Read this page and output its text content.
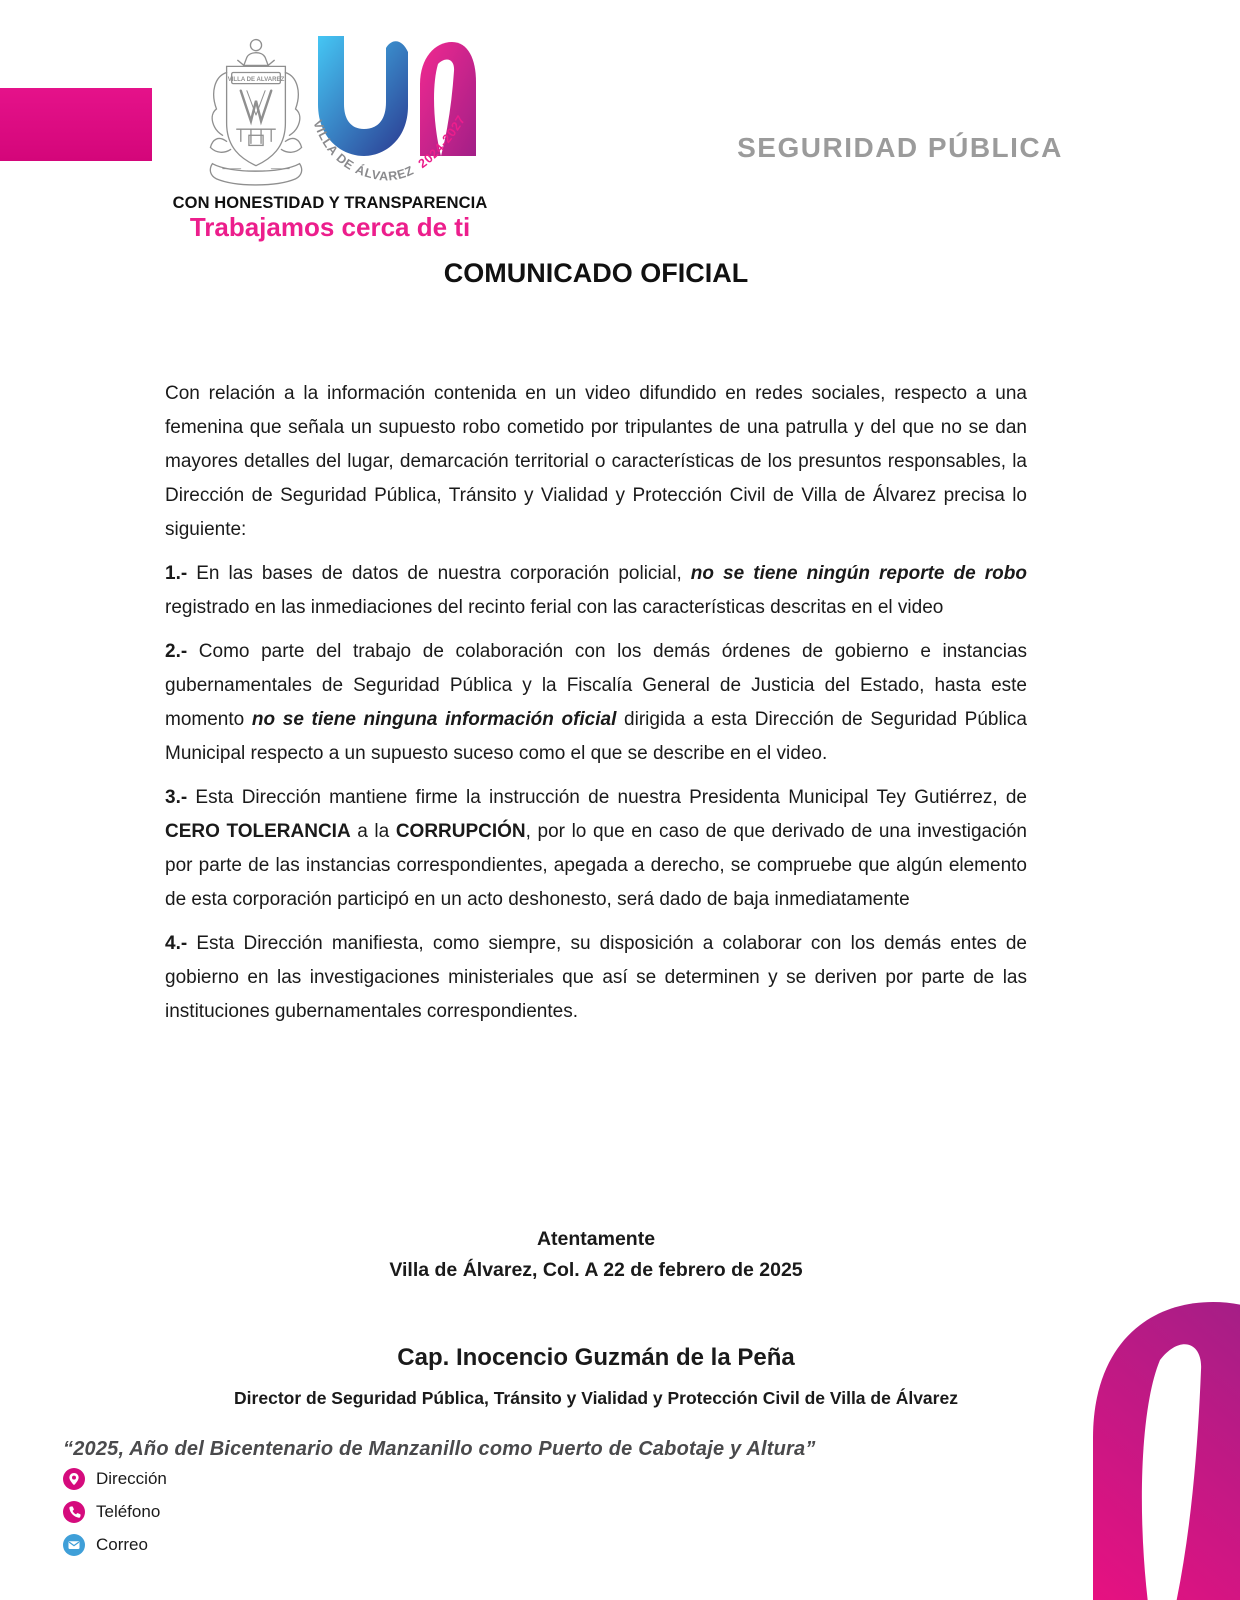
VILLA DE ALVAREZ
VILLA DE ÁLVAREZ  2024-2027
CON HONESTIDAD Y TRANSPARENCIA
Trabajamos cerca de ti
SEGURIDAD PÚBLICA
COMUNICADO OFICIAL

Con relación a la información contenida en un video difundido en redes sociales, respecto a una femenina que señala un supuesto robo cometido por tripulantes de una patrulla y del que no se dan mayores detalles del lugar, demarcación territorial o características de los presuntos responsables, la Dirección de Seguridad Pública, Tránsito y Vialidad y Protección Civil de Villa de Álvarez precisa lo siguiente:

1.- En las bases de datos de nuestra corporación policial, no se tiene ningún reporte de robo registrado en las inmediaciones del recinto ferial con las características descritas en el video

2.- Como parte del trabajo de colaboración con los demás órdenes de gobierno e instancias gubernamentales de Seguridad Pública y la Fiscalía General de Justicia del Estado, hasta este momento no se tiene ninguna información oficial dirigida a esta Dirección de Seguridad Pública Municipal respecto a un supuesto suceso como el que se describe en el video.

3.- Esta Dirección mantiene firme la instrucción de nuestra Presidenta Municipal Tey Gutiérrez, de CERO TOLERANCIA a la CORRUPCIÓN, por lo que en caso de que derivado de una investigación por parte de las instancias correspondientes, apegada a derecho, se compruebe que algún elemento de esta corporación participó en un acto deshonesto, será dado de baja inmediatamente

4.- Esta Dirección manifiesta, como siempre, su disposición a colaborar con los demás entes de gobierno en las investigaciones ministeriales que así se determinen y se deriven por parte de las instituciones gubernamentales correspondientes.

Atentamente
Villa de Álvarez, Col. A 22 de febrero de 2025
Cap. Inocencio Guzmán de la Peña
Director de Seguridad Pública, Tránsito y Vialidad y Protección Civil de Villa de Álvarez
“2025, Año del Bicentenario de Manzanillo como Puerto de Cabotaje y Altura”
Dirección
Teléfono
Correo
